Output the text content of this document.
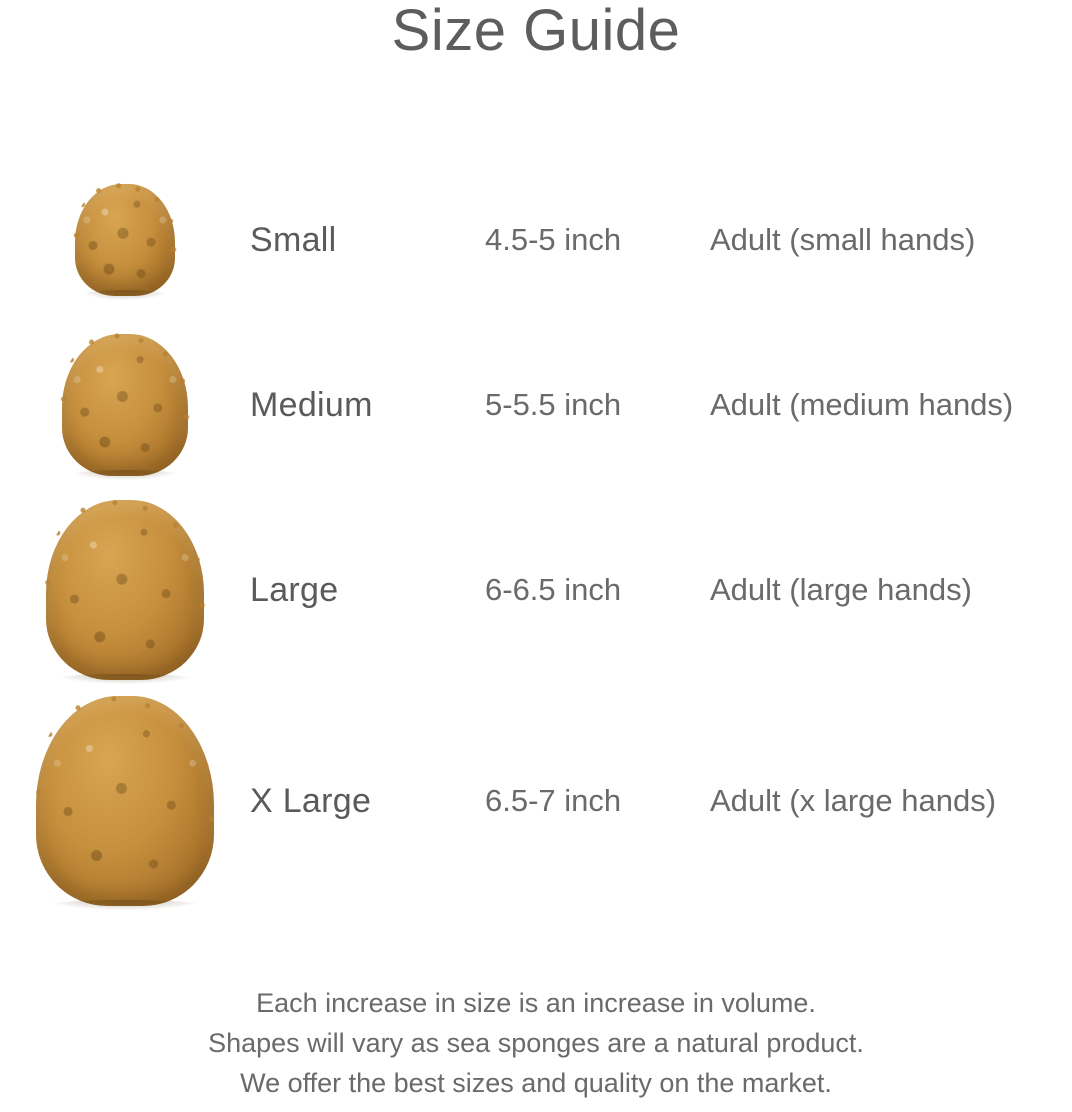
Size Guide
Small	4.5-5 inch	Adult (small hands)
Medium	5-5.5 inch	Adult (medium hands)
Large	6-6.5 inch	Adult (large hands)
X Large	6.5-7 inch	Adult (x large hands)
Each increase in size is an increase in volume.
Shapes will vary as sea sponges are a natural product.
We offer the best sizes and quality on the market.
